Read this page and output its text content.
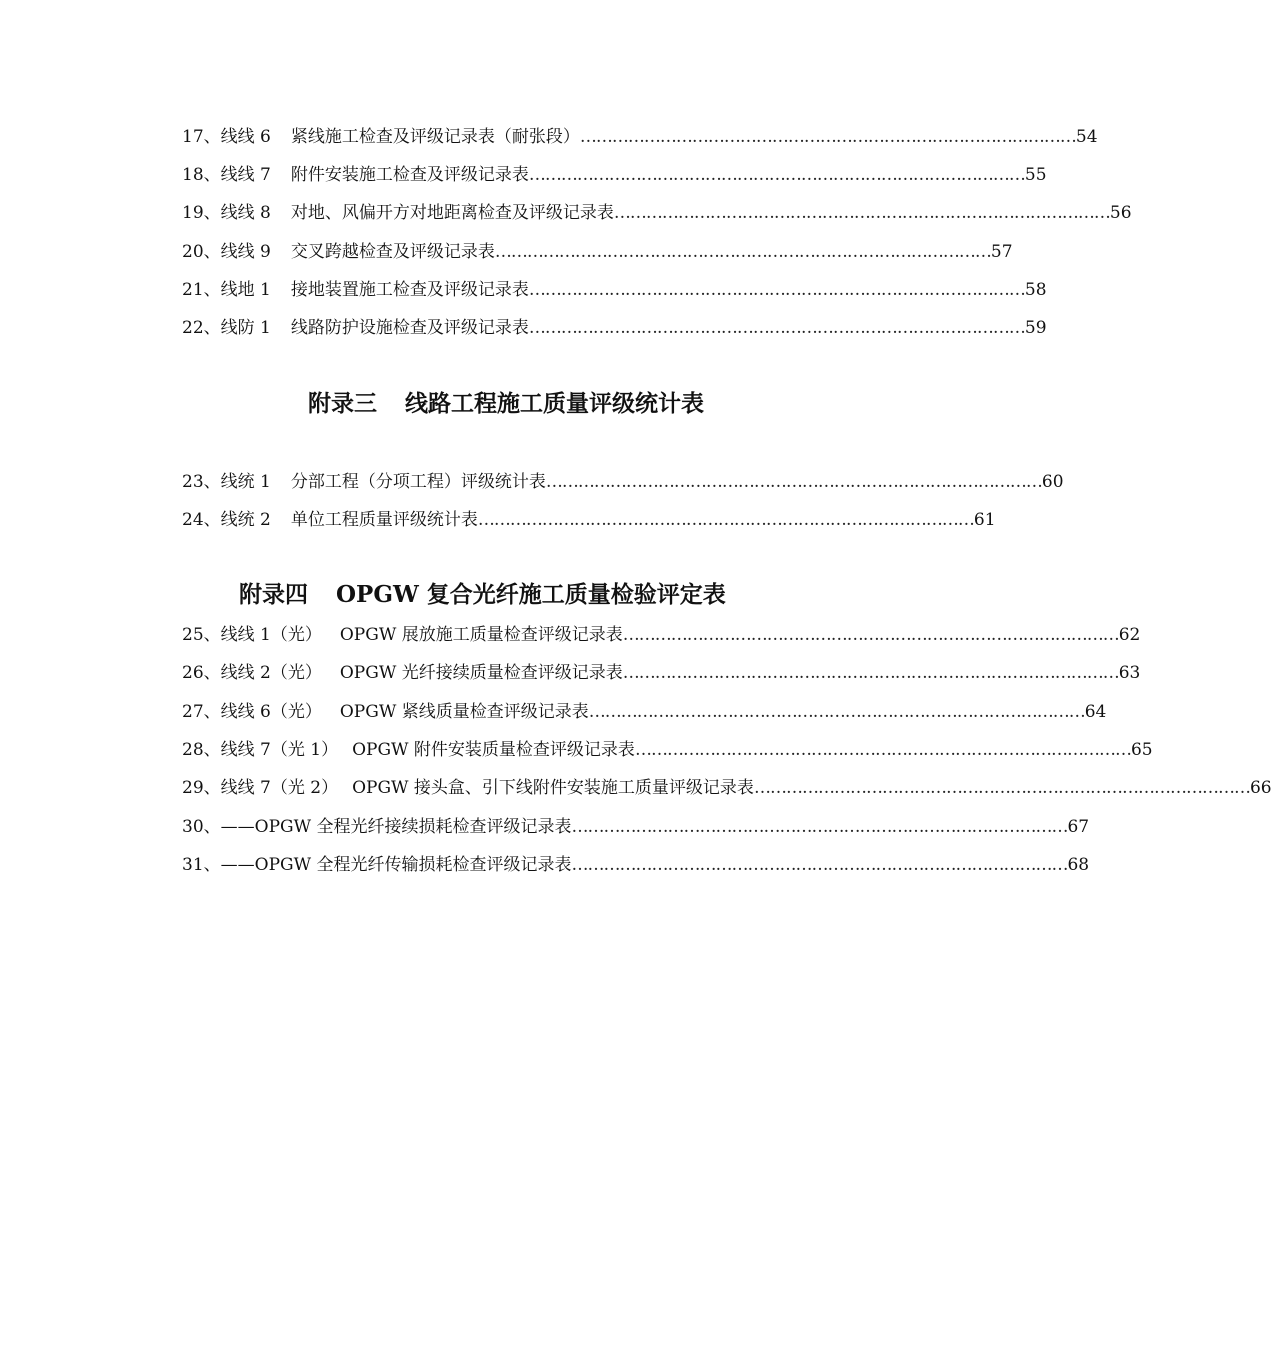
17、 线线 6 紧线施工检查及评级记录表（耐张段） ………………………………………………………………………………… 54
18、 线线 7 附件安装施工检查及评级记录表 ………………………………………………………………………………… 55
19、 线线 8 对地、风偏开方对地距离检查及评级记录表 ………………………………………………………………………………… 56
20、 线线 9 交叉跨越检查及评级记录表 ………………………………………………………………………………… 57
21、 线地 1 接地装置施工检查及评级记录表 ………………………………………………………………………………… 58
22、 线防 1 线路防护设施检查及评级记录表 ………………………………………………………………………………… 59
附录三 线路工程施工质量评级统计表
23、 线统 1 分部工程（分项工程）评级统计表 ………………………………………………………………………………… 60
24、 线统 2 单位工程质量评级统计表 ………………………………………………………………………………… 61
附录四 OPGW 复合光纤施工质量检验评定表
25、 线线 1（光） OPGW 展放施工质量检查评级记录表 ………………………………………………………………………………… 62
26、 线线 2（光） OPGW 光纤接续质量检查评级记录表 ………………………………………………………………………………… 63
27、 线线 6（光） OPGW 紧线质量检查评级记录表 ………………………………………………………………………………… 64
28、 线线 7（光 1） OPGW 附件安装质量检查评级记录表 ………………………………………………………………………………… 65
29、 线线 7（光 2） OPGW 接头盒、引下线附件安装施工质量评级记录表 ………………………………………………………………………………… 66
30、 ——OPGW 全程光纤接续损耗检查评级记录表 ………………………………………………………………………………… 67
31、 ——OPGW 全程光纤传输损耗检查评级记录表 ………………………………………………………………………………… 68
